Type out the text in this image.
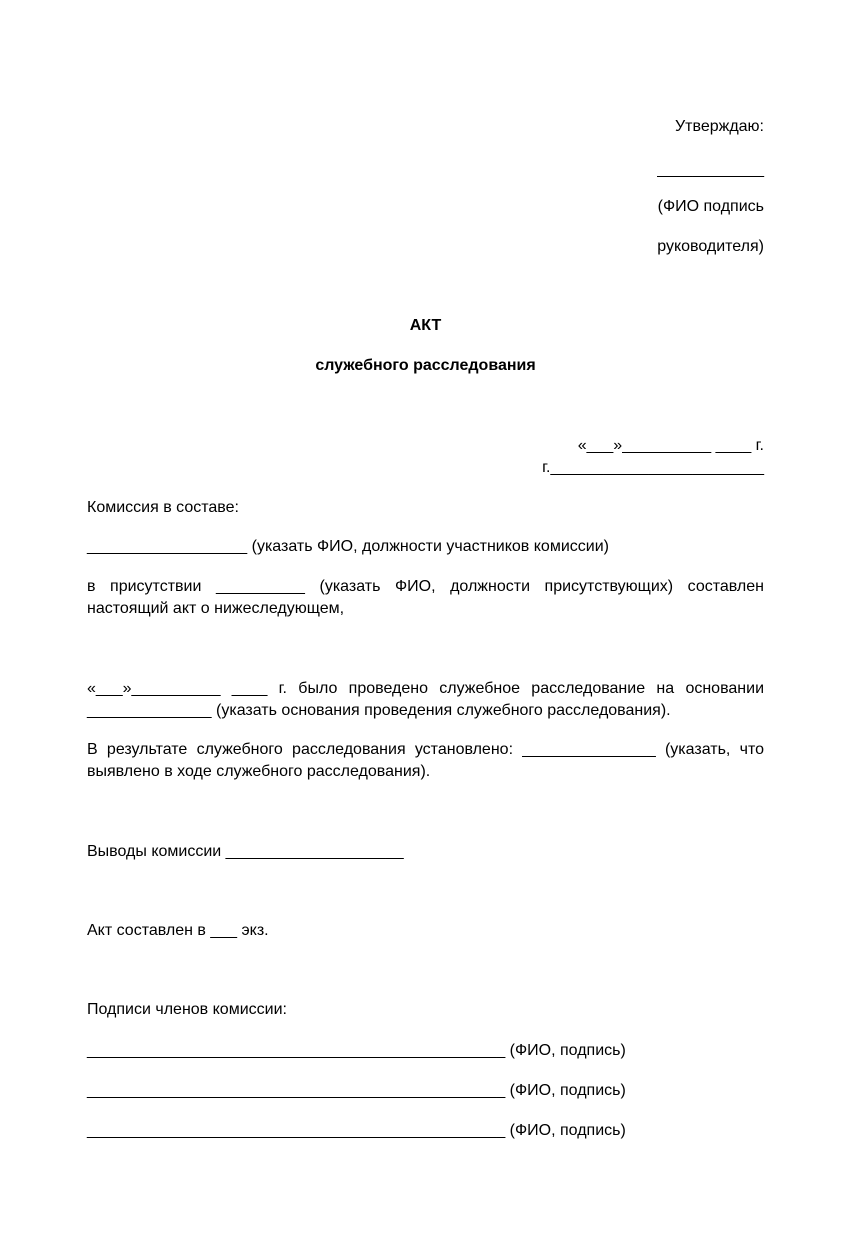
Утверждаю:
____________
(ФИО подпись
руководителя)
АКТ
служебного расследования
«___»__________ ____ г.
г.________________________
Комиссия в составе:
__________________ (указать ФИО, должности участников комиссии)
в присутствии __________ (указать ФИО, должности присутствующих) составлен
настоящий акт о нижеследующем,
«___»__________ ____ г. было проведено служебное расследование на основании
______________ (указать основания проведения служебного расследования).
В результате служебного расследования установлено: _______________ (указать, что
выявлено в ходе служебного расследования).
Выводы комиссии ____________________
Акт составлен в ___ экз.
Подписи членов комиссии:
_______________________________________________ (ФИО, подпись)
_______________________________________________ (ФИО, подпись)
_______________________________________________ (ФИО, подпись)
